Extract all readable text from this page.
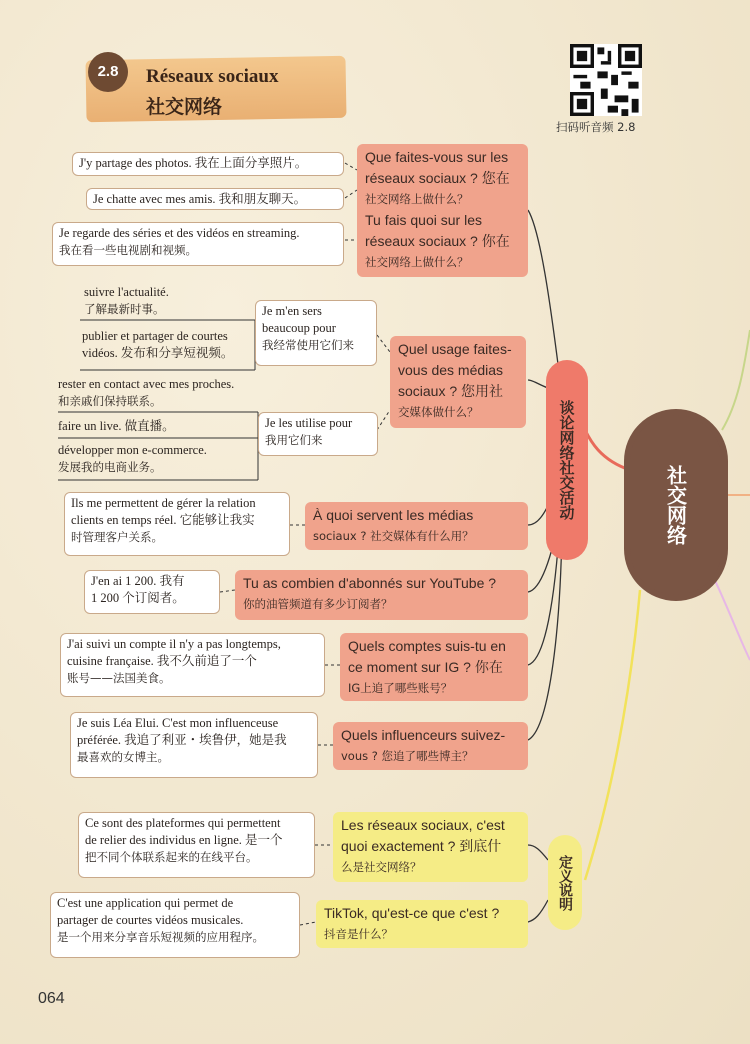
2.8	Réseaux sociaux
社交网络
扫码听音频 2.8
Que faites-vous sur les
réseaux sociaux ? 您在
社交网络上做什么？
Tu fais quoi sur les
réseaux sociaux ? 你在
社交网络上做什么？
J'y partage des photos. 我在上面分享照片。
Je chatte avec mes amis. 我和朋友聊天。
Je regarde des séries et des vidéos en streaming.
我在看一些电视剧和视频。
Quel usage faites-
vous des médias
sociaux ? 您用社
交媒体做什么？
Je m'en sers
beaucoup pour
我经常使用它们来
suivre l'actualité.
了解最新时事。
publier et partager de courtes
vidéos. 发布和分享短视频。
Je les utilise pour
我用它们来
rester en contact avec mes proches.
和亲戚们保持联系。
faire un live. 做直播。
développer mon e-commerce.
发展我的电商业务。	谈论网络社交活动
À quoi servent les médias
sociaux ? 社交媒体有什么用？
Ils me permettent de gérer la relation
clients en temps réel. 它能够让我实
时管理客户关系。
Tu as combien d'abonnés sur YouTube ?
你的油管频道有多少订阅者？
J'en ai 1 200. 我有
1 200 个订阅者。
Quels comptes suis-tu en
ce moment sur IG ? 你在
IG上追了哪些账号？
J'ai suivi un compte il n'y a pas longtemps,
cuisine française. 我不久前追了一个
账号——法国美食。
Quels influenceurs suivez-
vous ? 您追了哪些博主？
Je suis Léa Elui. C'est mon influenceuse
préférée. 我追了利亚・埃鲁伊，她是我
最喜欢的女博主。
定义说明
Les réseaux sociaux, c'est
quoi exactement ? 到底什
么是社交网络？
Ce sont des plateformes qui permettent
de relier des individus en ligne. 是一个
把不同个体联系起来的在线平台。
TikTok, qu'est-ce que c'est ?
抖音是什么？
C'est une application qui permet de
partager de courtes vidéos musicales.
是一个用来分享音乐短视频的应用程序。
社交网络
064
